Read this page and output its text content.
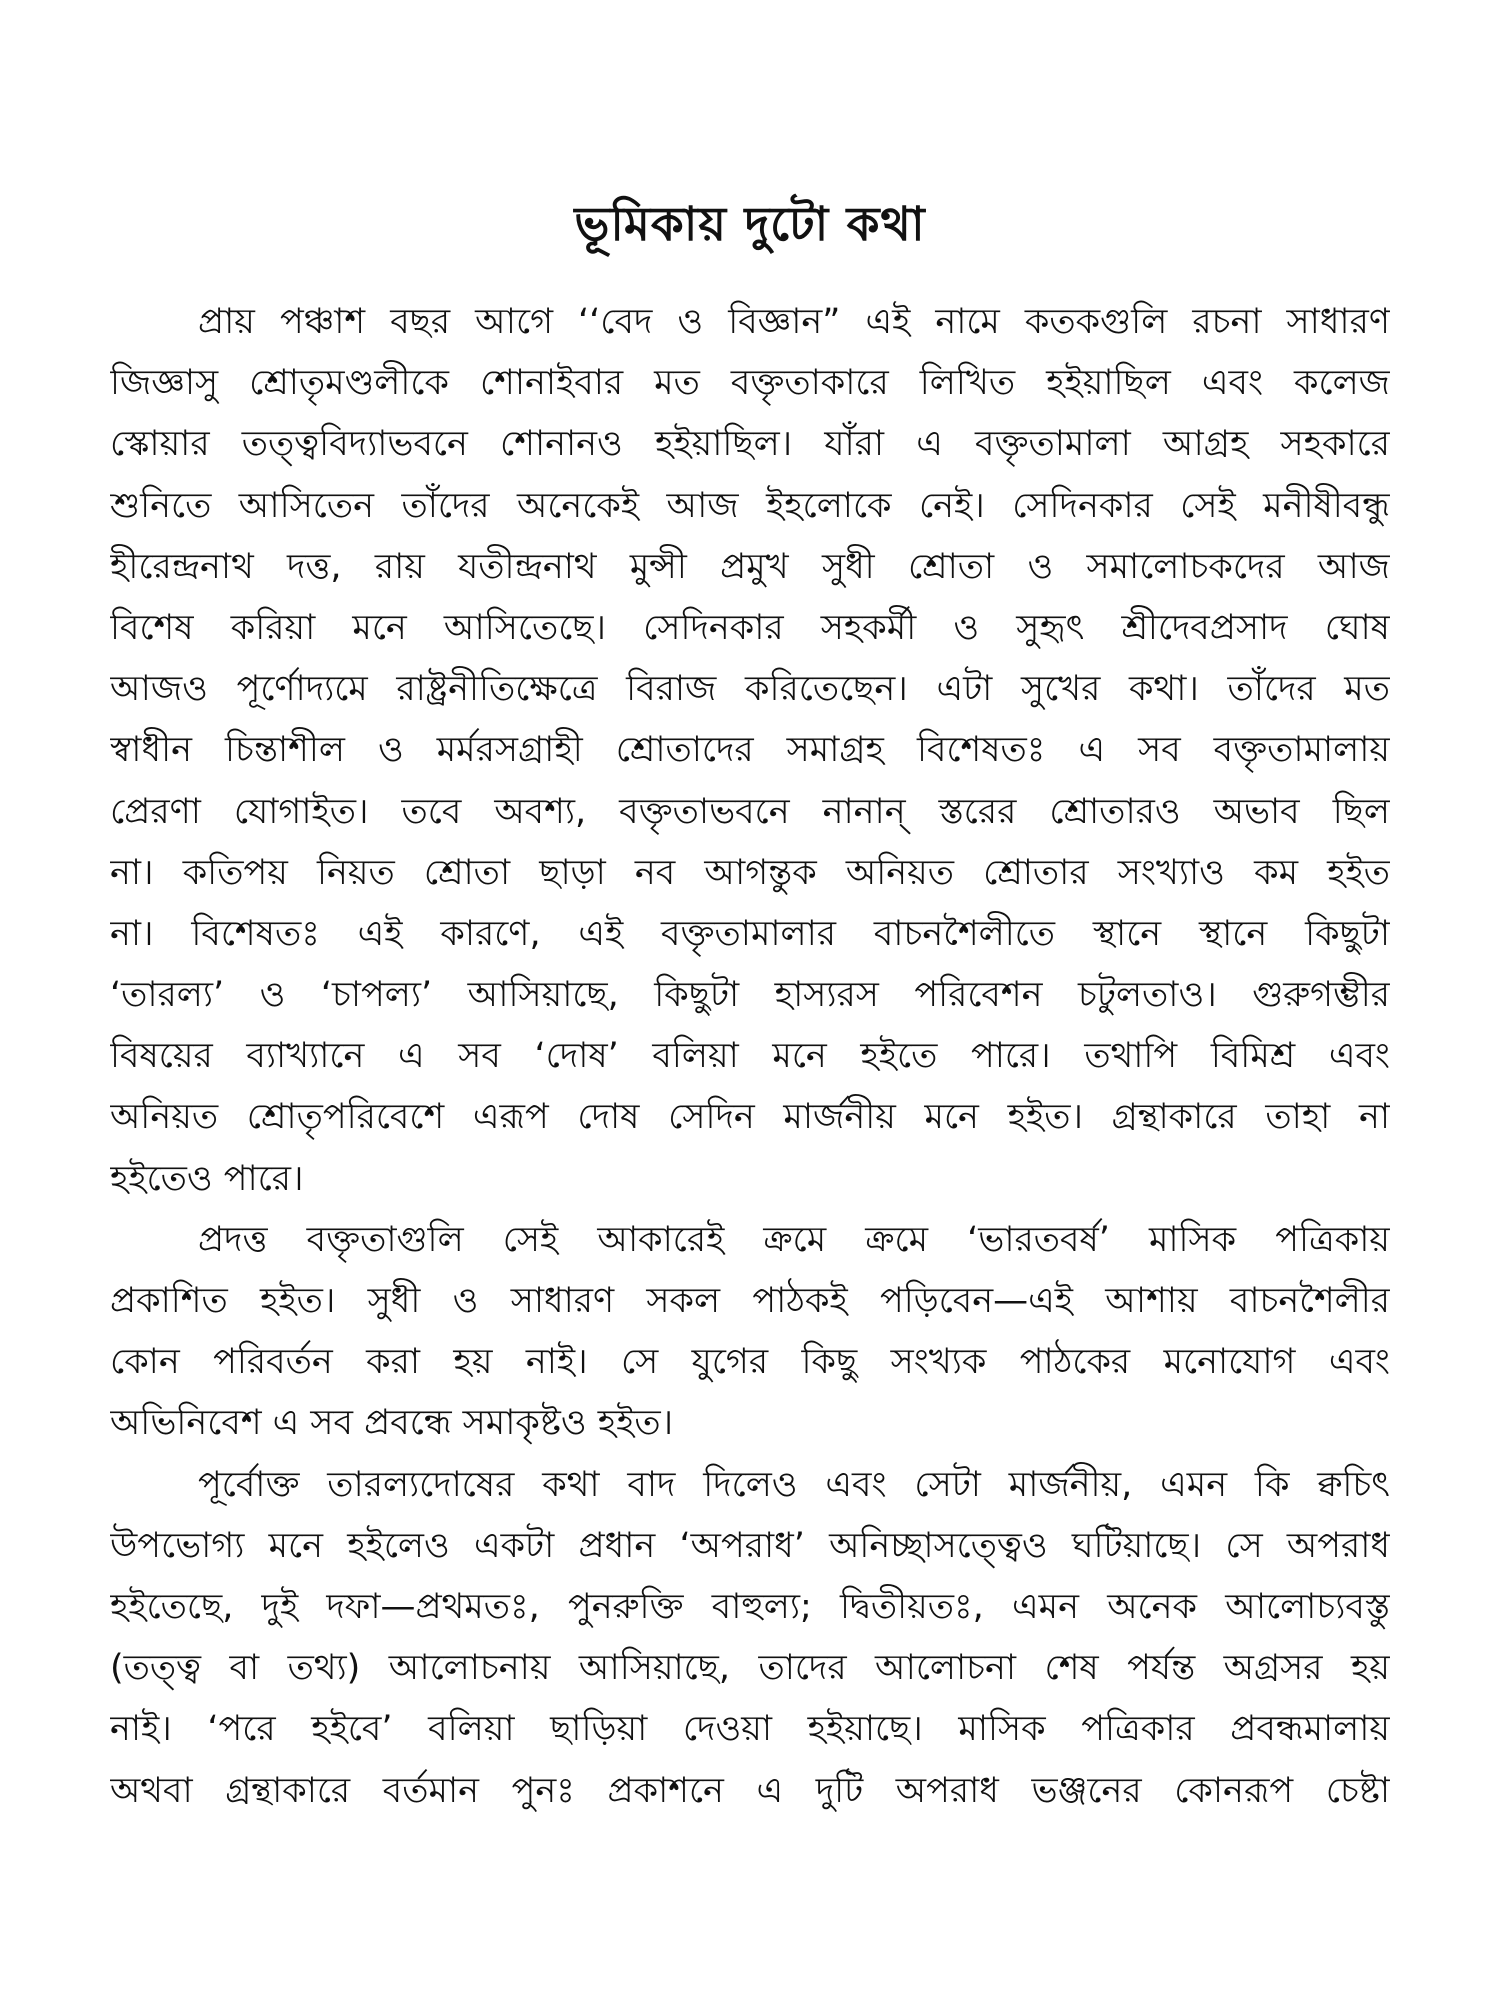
ভূমিকায় দুটো কথা
প্রায় পঞ্চাশ বছর আগে ‘‘বেদ ও বিজ্ঞান” এই নামে কতকগুলি রচনা সাধারণ
জিজ্ঞাসু শ্রোতৃমণ্ডলীকে শোনাইবার মত বক্তৃতাকারে লিখিত হইয়াছিল এবং কলেজ
স্কোয়ার তত্ত্ববিদ্যাভবনে শোনানও হইয়াছিল। যাঁরা এ বক্তৃতামালা আগ্রহ সহকারে
শুনিতে আসিতেন তাঁদের অনেকেই আজ ইহলোকে নেই। সেদিনকার সেই মনীষীবন্ধু
হীরেন্দ্রনাথ দত্ত, রায় যতীন্দ্রনাথ মুন্সী প্রমুখ সুধী শ্রোতা ও সমালোচকদের আজ
বিশেষ করিয়া মনে আসিতেছে। সেদিনকার সহকর্মী ও সুহৃৎ শ্রীদেবপ্রসাদ ঘোষ
আজও পূর্ণোদ্যমে রাষ্ট্রনীতিক্ষেত্রে বিরাজ করিতেছেন। এটা সুখের কথা। তাঁদের মত
স্বাধীন চিন্তাশীল ও মর্মরসগ্রাহী শ্রোতাদের সমাগ্রহ বিশেষতঃ এ সব বক্তৃতামালায়
প্রেরণা যোগাইত। তবে অবশ্য, বক্তৃতাভবনে নানান্ স্তরের শ্রোতারও অভাব ছিল
না। কতিপয় নিয়ত শ্রোতা ছাড়া নব আগন্তুক অনিয়ত শ্রোতার সংখ্যাও কম হইত
না। বিশেষতঃ এই কারণে, এই বক্তৃতামালার বাচনশৈলীতে স্থানে স্থানে কিছুটা
‘তারল্য’ ও ‘চাপল্য’ আসিয়াছে, কিছুটা হাস্যরস পরিবেশন চটুলতাও। গুরুগম্ভীর
বিষয়ের ব্যাখ্যানে এ সব ‘দোষ’ বলিয়া মনে হইতে পারে। তথাপি বিমিশ্র এবং
অনিয়ত শ্রোতৃপরিবেশে এরূপ দোষ সেদিন মার্জনীয় মনে হইত। গ্রন্থাকারে তাহা না
হইতেও পারে।
প্রদত্ত বক্তৃতাগুলি সেই আকারেই ক্রমে ক্রমে ‘ভারতবর্ষ’ মাসিক পত্রিকায়
প্রকাশিত হইত। সুধী ও সাধারণ সকল পাঠকই পড়িবেন—এই আশায় বাচনশৈলীর
কোন পরিবর্তন করা হয় নাই। সে যুগের কিছু সংখ্যক পাঠকের মনোযোগ এবং
অভিনিবেশ এ সব প্রবন্ধে সমাকৃষ্টও হইত।
পূর্বোক্ত তারল্যদোষের কথা বাদ দিলেও এবং সেটা মার্জনীয়, এমন কি ক্বচিৎ
উপভোগ্য মনে হইলেও একটা প্রধান ‘অপরাধ’ অনিচ্ছাসত্ত্বেও ঘটিয়াছে। সে অপরাধ
হইতেছে, দুই দফা—প্রথমতঃ, পুনরুক্তি বাহুল্য; দ্বিতীয়তঃ, এমন অনেক আলোচ্যবস্তু
(তত্ত্ব বা তথ্য) আলোচনায় আসিয়াছে, তাদের আলোচনা শেষ পর্যন্ত অগ্রসর হয়
নাই। ‘পরে হইবে’ বলিয়া ছাড়িয়া দেওয়া হইয়াছে। মাসিক পত্রিকার প্রবন্ধমালায়
অথবা গ্রন্থাকারে বর্তমান পুনঃ প্রকাশনে এ দুটি অপরাধ ভঞ্জনের কোনরূপ চেষ্টা
